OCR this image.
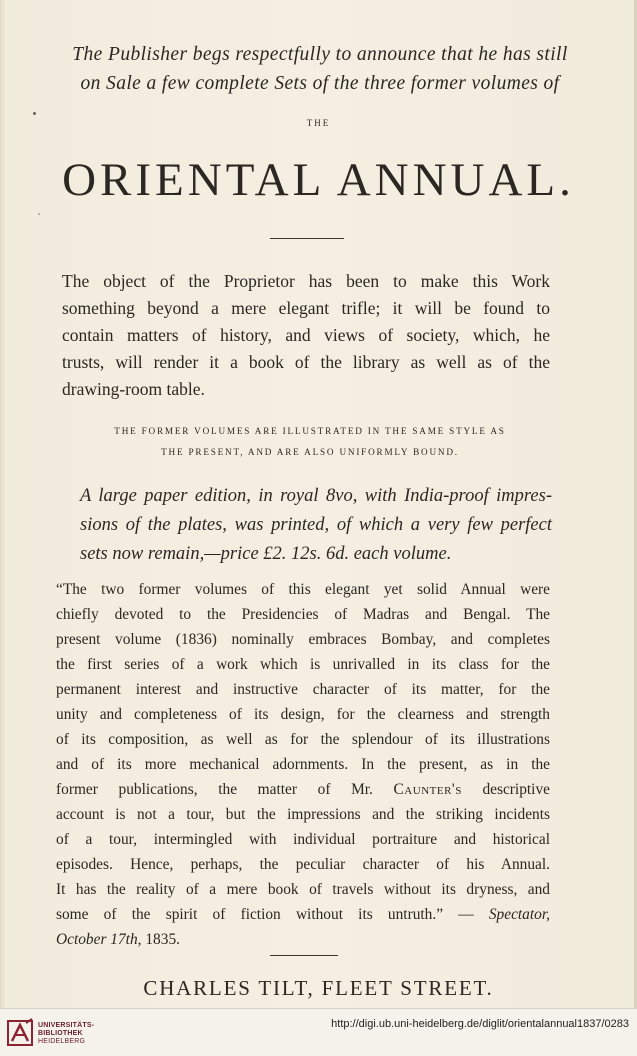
The Publisher begs respectfully to announce that he has still
on Sale a few complete Sets of the three former volumes of
THE
ORIENTAL ANNUAL.
The object of the Proprietor has been to make this Work
something beyond a mere elegant trifle; it will be found to
contain matters of history, and views of society, which, he
trusts, will render it a book of the library as well as of the
drawing-room table.
THE FORMER VOLUMES ARE ILLUSTRATED IN THE SAME STYLE AS
THE PRESENT, AND ARE ALSO UNIFORMLY BOUND.
A large paper edition, in royal 8vo, with India-proof impres-
sions of the plates, was printed, of which a very few perfect
sets now remain,—price £2. 12s. 6d. each volume.
“The two former volumes of this elegant yet solid Annual were
chiefly devoted to the Presidencies of Madras and Bengal. The
present volume (1836) nominally embraces Bombay, and completes
the first series of a work which is unrivalled in its class for the
permanent interest and instructive character of its matter, for the
unity and completeness of its design, for the clearness and strength
of its composition, as well as for the splendour of its illustrations
and of its more mechanical adornments. In the present, as in the
former publications, the matter of Mr. Caunter's descriptive
account is not a tour, but the impressions and the striking incidents
of a tour, intermingled with individual portraiture and historical
episodes. Hence, perhaps, the peculiar character of his Annual.
It has the reality of a mere book of travels without its dryness, and
some of the spirit of fiction without its untruth.” — Spectator,
October 17th, 1835.
CHARLES TILT, FLEET STREET.
UNIVERSITÄTS-
BIBLIOTHEK
HEIDELBERG
http://digi.ub.uni-heidelberg.de/diglit/orientalannual1837/0283
